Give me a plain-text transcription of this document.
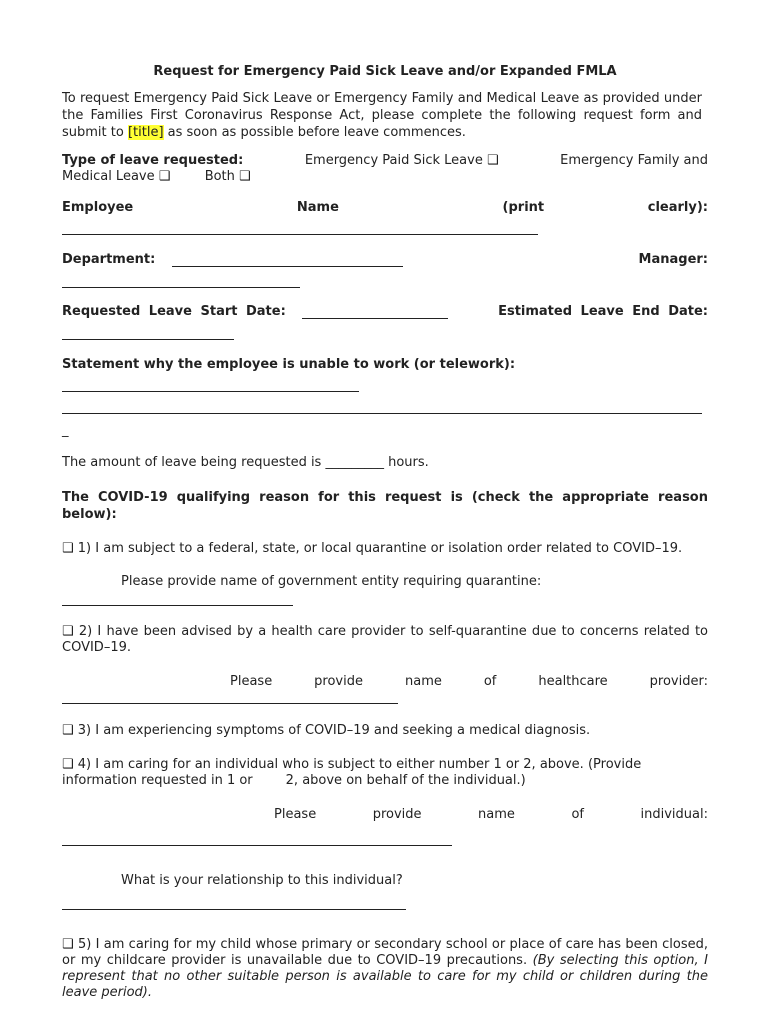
Request for Emergency Paid Sick Leave and/or Expanded FMLA
To request Emergency Paid Sick Leave or Emergency Family and Medical Leave as provided under the Families First Coronavirus Response Act, please complete the following request form and submit to [title] as soon as possible before leave commences.
Type of leave requested:	Emergency Paid Sick Leave ❑	Emergency Family and
Medical Leave ❑	Both ❑
Employee	Name	(print	clearly):
Department:	Manager:
Requested Leave Start Date:	Estimated Leave End Date:
Statement why the employee is unable to work (or telework):
_
The amount of leave being requested is _________ hours.
The COVID-19 qualifying reason for this request is (check the appropriate reason below):
❑ 1) I am subject to a federal, state, or local quarantine or isolation order related to COVID–19.
Please provide name of government entity requiring quarantine:
❑ 2) I have been advised by a health care provider to self-quarantine due to concerns related to COVID–19.
Please	provide	name	of	healthcare	provider:
❑ 3) I am experiencing symptoms of COVID–19 and seeking a medical diagnosis.
❑ 4) I am caring for an individual who is subject to either number 1 or 2, above. (Provide
information requested in 1 or	2, above on behalf of the individual.)
Please	provide	name	of	individual:
What is your relationship to this individual?
❑ 5) I am caring for my child whose primary or secondary school or place of care has been closed, or my childcare provider is unavailable due to COVID–19 precautions. (By selecting this option, I represent that no other suitable person is available to care for my child or children during the leave period).
